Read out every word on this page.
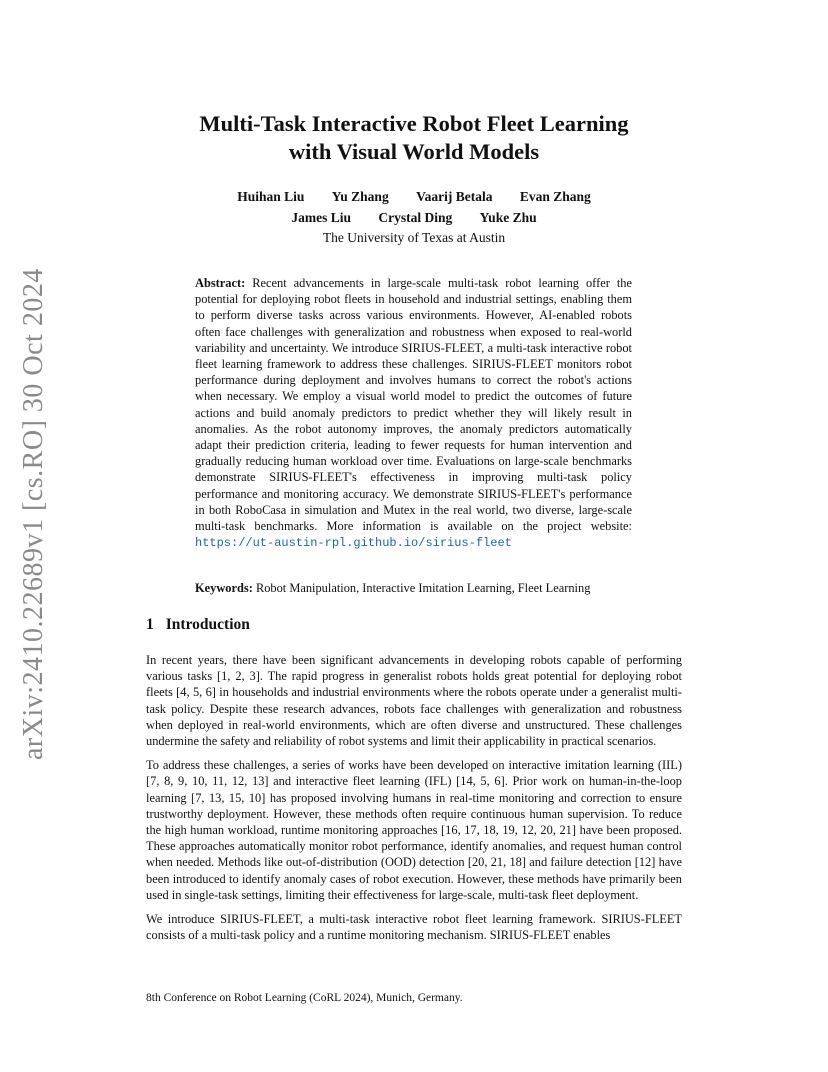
arXiv:2410.22689v1 [cs.RO] 30 Oct 2024
Multi-Task Interactive Robot Fleet Learning
with Visual World Models
Huihan Liu Yu Zhang Vaarij Betala Evan Zhang
James Liu Crystal Ding Yuke Zhu
The University of Texas at Austin
Abstract: Recent advancements in large-scale multi-task robot learning offer the potential for deploying robot fleets in household and industrial settings, enabling them to perform diverse tasks across various environments. However, AI-enabled robots often face challenges with generalization and robustness when exposed to real-world variability and uncertainty. We introduce SIRIUS-FLEET, a multi-task interactive robot fleet learning framework to address these challenges. SIRIUS-FLEET monitors robot performance during deployment and involves humans to correct the robot's actions when necessary. We employ a visual world model to predict the outcomes of future actions and build anomaly predictors to predict whether they will likely result in anomalies. As the robot autonomy improves, the anomaly predictors automatically adapt their prediction criteria, leading to fewer requests for human intervention and gradually reducing human workload over time. Evaluations on large-scale benchmarks demonstrate SIRIUS-FLEET's effectiveness in improving multi-task policy performance and monitoring accuracy. We demonstrate SIRIUS-FLEET's performance in both RoboCasa in simulation and Mutex in the real world, two diverse, large-scale multi-task benchmarks. More information is available on the project website: https://ut-austin-rpl.github.io/sirius-fleet
Keywords: Robot Manipulation, Interactive Imitation Learning, Fleet Learning
1 Introduction

In recent years, there have been significant advancements in developing robots capable of performing various tasks [1, 2, 3]. The rapid progress in generalist robots holds great potential for deploying robot fleets [4, 5, 6] in households and industrial environments where the robots operate under a generalist multi-task policy. Despite these research advances, robots face challenges with generalization and robustness when deployed in real-world environments, which are often diverse and unstructured. These challenges undermine the safety and reliability of robot systems and limit their applicability in practical scenarios.

To address these challenges, a series of works have been developed on interactive imitation learning (IIL) [7, 8, 9, 10, 11, 12, 13] and interactive fleet learning (IFL) [14, 5, 6]. Prior work on human-in-the-loop learning [7, 13, 15, 10] has proposed involving humans in real-time monitoring and correction to ensure trustworthy deployment. However, these methods often require continuous human supervision. To reduce the high human workload, runtime monitoring approaches [16, 17, 18, 19, 12, 20, 21] have been proposed. These approaches automatically monitor robot performance, identify anomalies, and request human control when needed. Methods like out-of-distribution (OOD) detection [20, 21, 18] and failure detection [12] have been introduced to identify anomaly cases of robot execution. However, these methods have primarily been used in single-task settings, limiting their effectiveness for large-scale, multi-task fleet deployment.

We introduce SIRIUS-FLEET, a multi-task interactive robot fleet learning framework. SIRIUS-FLEET consists of a multi-task policy and a runtime monitoring mechanism. SIRIUS-FLEET enables

8th Conference on Robot Learning (CoRL 2024), Munich, Germany.
